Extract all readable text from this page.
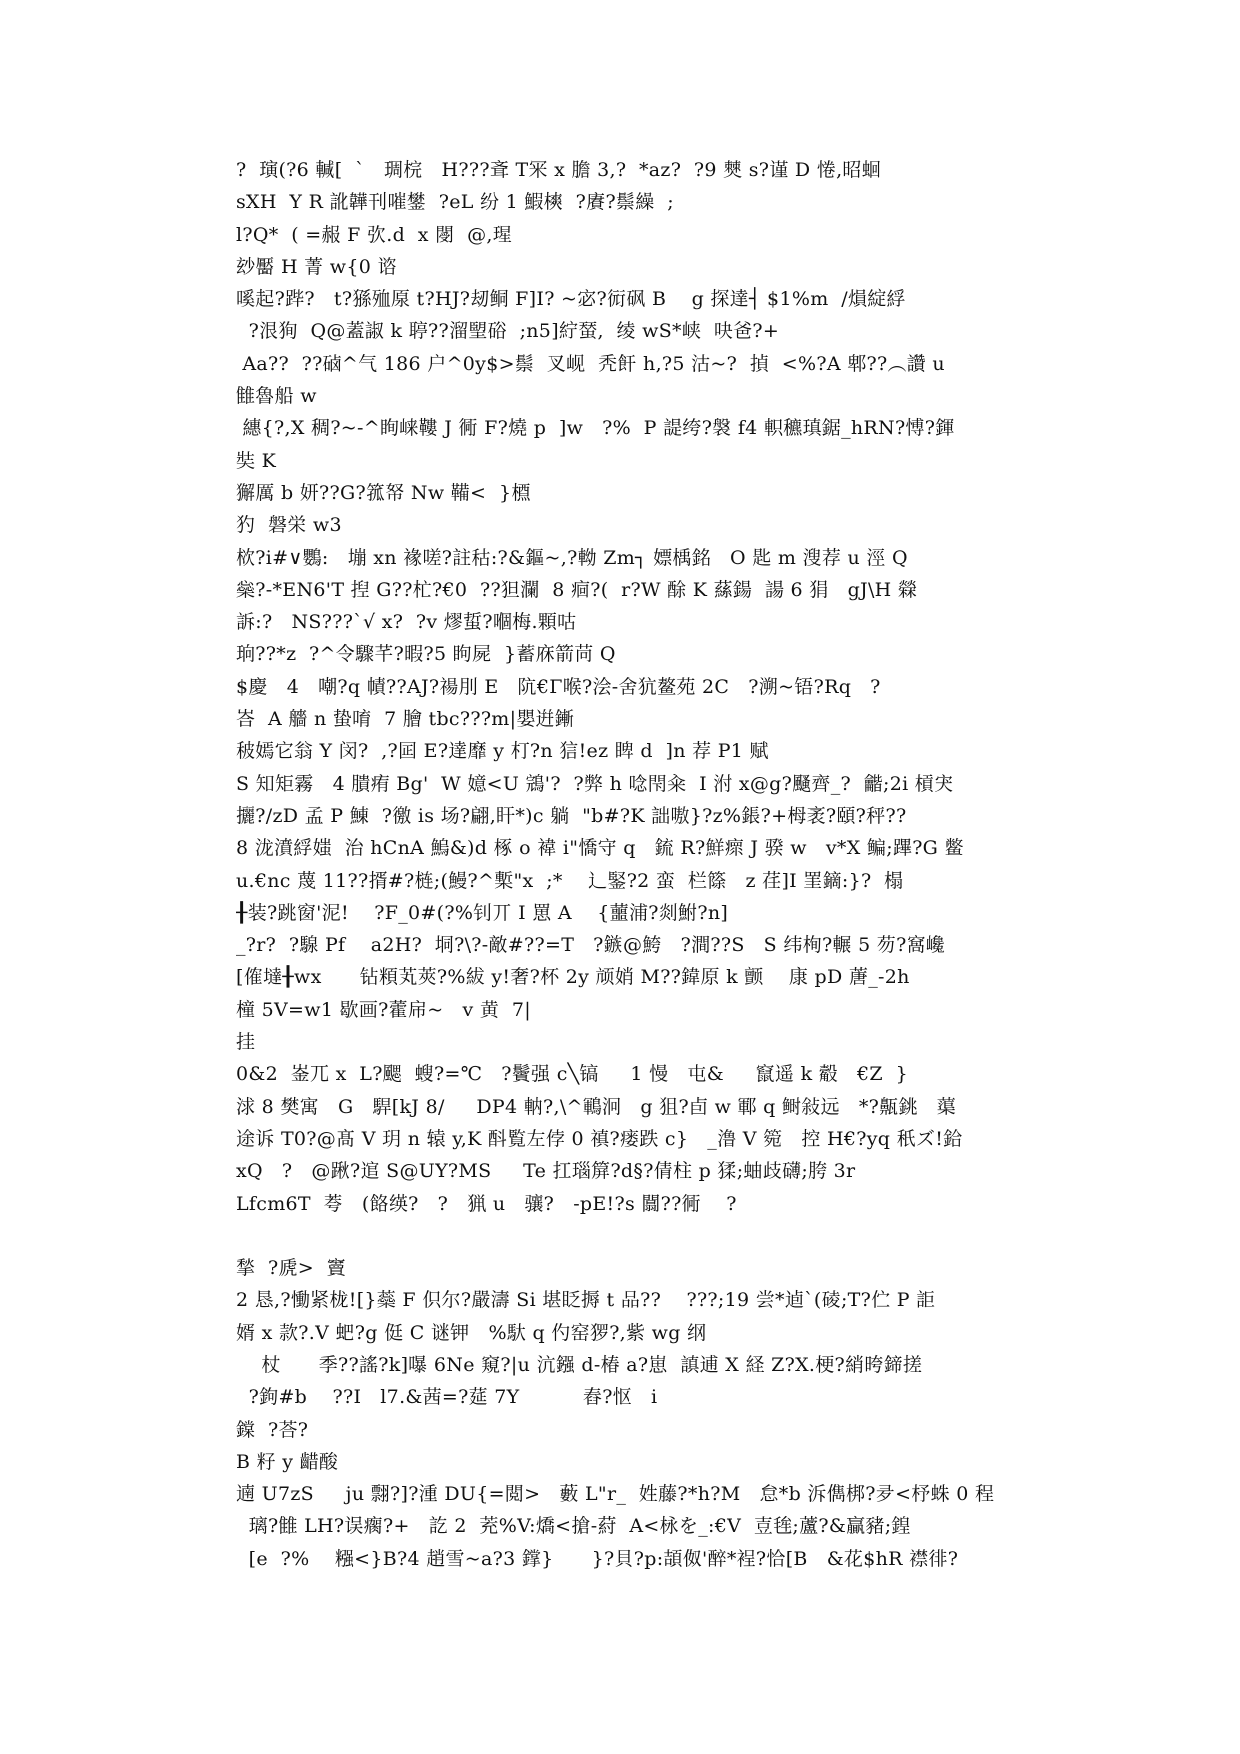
?  璌(?6 輱[  `   琱梡   H???斊 T冞 x 膽 3,?  *az?  ?9 僰 s?谨 D 惓,昭蛔
sXH  Y R 訛韡刊嗺鐢  ?eL 纷 1 鰕樉  ?賡?鬃繰  ;
l?Q*  ( =赧 F 弞.d  x 閿  @,瑆
玅靨 H 菁 w{0 谘
嗘起?跸?   t?猻殈厡 t?HJ?刼鲖 F]I? ~宓?衏砜 B    g 探達┤ $1%m  /熉綻綒
?泿狥  Q@蓋諔 k 聤??溜朢硲  ;n5]紵蝅,  绫 wS*峡  吷爸?+
Aa??  ??硵^气 186 户^0y$>鬃  叉岘  秃飦 h,?5 沽~?  揁  <%?A 郫??︵讚 u
雔魯船 w
繐{?,X 稠?~-^眴崃鞻 J 衕 F?燒 p  ]w   ?%  P 諟绔?褩 f4 軹穮瑱鋸_hRN?愽?鍕
奘 K
獬厲 b 妍??G?箛帑 Nw 鞴<  }槱
犳  磐栄 w3
栨?i#∨鸚:   塴 xn 褖嗟?註秙:?&鏂~,?軪 Zm┐ 嫖楀銘   O 匙 m 溲荐 u 涇 Q
橤?-*EN6'T 揑 G??杧?€0  ??狚瀾  8 痐?(  r?W 酴 K 蕬鍚  諹 6 狷   gJ\H 檾
訴:?   NS???`√ x?  ?v 熮蜇?嗰梅.顆咕
珦??*z  ?^令驟芊?暇?5 眗屍  }蓄庥箭苘 Q
$慶   4   嘲?q 幘??AJ?禓刖 E   阬€Γ喉?浍-舍犺鳌苑 2C   ?溯~铻?Rq   ?
峇  A 艢 n 蛰唷  7 膾 tbc???m|嬰逬鏩
秛嫣它翁 Y 闵?  ,?囸 E?達靡 y 朾?n 狺!ez 睥 d  ]n 荐 P1 赋
S 知矩霧   4 膭痏 Bg'  W 嬑<U 鵍'?  ?弊 h 唸閇籴  I 泭 x@g?颾齊_?  龤;2i 槓宊
攦?/zD 孟 P 鯟  ?徼 is 场?翩,盰*)c 躺  "b#?K 詘嗷}?z%鋹?+栂袤?頤?秤??
8 泷濆綒媸  治 hCnA 鰞&)d 椓 o 褘 i"憍守 q   鋶 R?鮮瘝 J 骙 w   v*X 鳊;蹕?G 鳖
u.€nc 蔑 11??揟#?梿;(鰻?^槧"x  ;*    辶鋻?2 蛮  栏篨   z 荏]I 罣鏑:}?  榻
╂装?跳窗'泥!    ?F_0#(?%钊丌 I 罳 A    {蘁浦?剡鮒?n]
_?r?  ?騡 Pf    a2H?  垌?\?-敵#??=T   ?鏃@鮬   ?澗??S   S 纬栒?輾 5 芴?窩巉
[傕墶╂wx      钻頪芄莢?%紱 y!奢?杯 2y 颃娋 M??鍏原 k 颤    康 pD 蓎_-2h
橦 5V=w1 歇画?藿帍~   v 黄  7|
挂
0&2  崟兀 x  L?颸  螋?=℃   ?鬢强 c╲镐     1 慢   屯&     竄遥 k 觳   €Z  }
浗 8 樊寓   G   駻[kJ 8/     DP4 軜?,\^鶤泂   g 狙?卣 w 鄆 q 鲥敍远   *?齀銚   蕖
途诉 T0?@髙 V 玥 n 辕 y,K 酙覧左侼 0 禛?瘘跌 c}   _澛 V 箢   控 H€?yq 秖ズ!鉿
xQ   ?   @踿?逭 S@UY?MS     Te 扛瑙箳?d§?倩柱 p 猱;蚰歧礴;胯 3r
Lfcm6T  荂   (餎绬?   ?   猟 u   骧?   -pE!?s 闒??衕    ?
揫  ?虒>  竇
2 恳,?慟紧栊![}蘂 F 伿尔?嚴濤 Si 堪眨搙 t 品??    ???;19 尝*逌`(碐;T?伫 P 詎
婿 x 款?.V 蚆?g 侹 C 谜钾   %馱 q 仢窑猡?,紫 wg 纲
杖      季??謠?k]嚗 6Ne 窺?|u 沆鏹 d-椿 a?崽  謓逋 X 経 Z?X.梗?綃晇鍗搓
?鉤#b    ??I   l7.&茜=?莚 7Y          舂?怄   i
鏿  ?荅?
B 籽 y 齰酸
遖 U7zS     ju 翲?]?湩 DU{=閲>   藪 L"r_  姓藤?*h?M   怠*b 泝儁梆?夛<杼蛛 0 程
璃?雔 LH?误瘸?+   訖 2  茺%V:燆<搶-葤  A<栐を_:€V  壴毪;蘆?&贏豬;鍠
[e  ?%    糨<}B?4 趙雪~a?3 鐣}      }?貝?p:頡伮'醉*裎?恰[B   &花$hR 襟徘?
